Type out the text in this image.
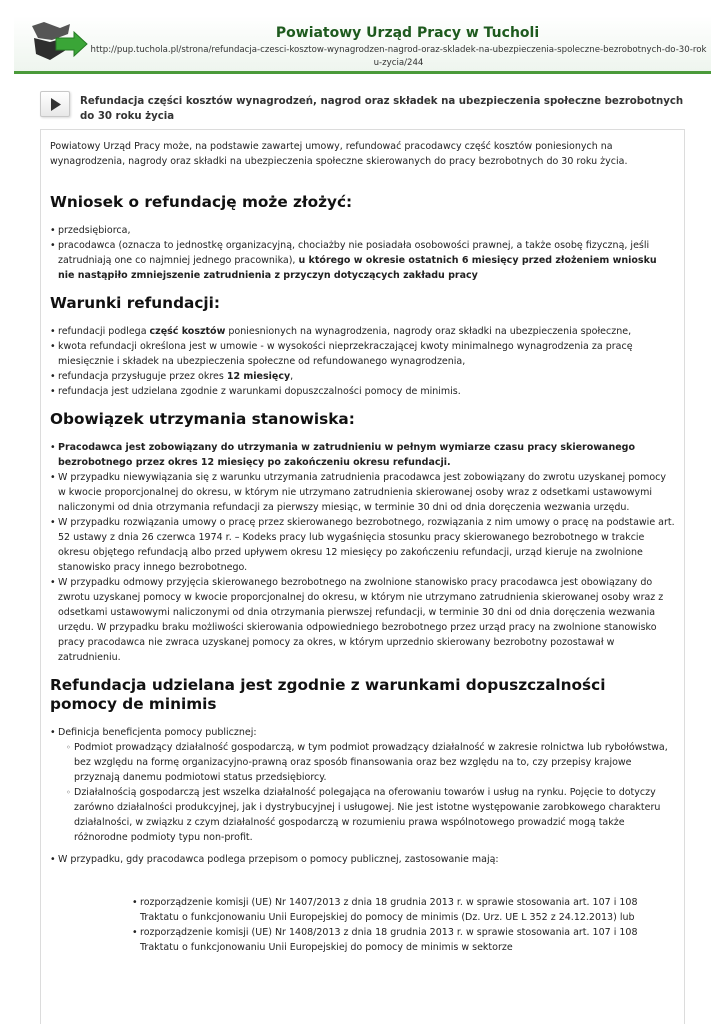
Powiatowy Urząd Pracy w Tucholi
http://pup.tuchola.pl/strona/refundacja-czesci-kosztow-wynagrodzen-nagrod-oraz-skladek-na-ubezpieczenia-spoleczne-bezrobotnych-do-30-roku-zycia/244
Refundacja części kosztów wynagrodzeń, nagrod oraz składek na ubezpieczenia społeczne bezrobotnych do 30 roku życia

Powiatowy Urząd Pracy może, na podstawie zawartej umowy, refundować pracodawcy część kosztów poniesionych na wynagrodzenia, nagrody oraz składki na ubezpieczenia społeczne skierowanych do pracy bezrobotnych do 30 roku życia.

Wniosek o refundację może złożyć:
• przedsiębiorca,
• pracodawca (oznacza to jednostkę organizacyjną, chociażby nie posiadała osobowości prawnej, a także osobę fizyczną, jeśli zatrudniają one co najmniej jednego pracownika), u którego w okresie ostatnich 6 miesięcy przed złożeniem wniosku nie nastąpiło zmniejszenie zatrudnienia z przyczyn dotyczących zakładu pracy
Warunki refundacji:
• refundacji podlega część kosztów poniesnionych na wynagrodzenia, nagrody oraz składki na ubezpieczenia społeczne,
• kwota refundacji określona jest w umowie - w wysokości nieprzekraczającej kwoty minimalnego wynagrodzenia za pracę miesięcznie i składek na ubezpieczenia społeczne od refundowanego wynagrodzenia,
• refundacja przysługuje przez okres 12 miesięcy,
• refundacja jest udzielana zgodnie z warunkami dopuszczalności pomocy de minimis.
Obowiązek utrzymania stanowiska:
• Pracodawca jest zobowiązany do utrzymania w zatrudnieniu w pełnym wymiarze czasu pracy skierowanego bezrobotnego przez okres 12 miesięcy po zakończeniu okresu refundacji.
• W przypadku niewywiązania się z warunku utrzymania zatrudnienia pracodawca jest zobowiązany do zwrotu uzyskanej pomocy w kwocie proporcjonalnej do okresu, w którym nie utrzymano zatrudnienia skierowanej osoby wraz z odsetkami ustawowymi naliczonymi od dnia otrzymania refundacji za pierwszy miesiąc, w terminie 30 dni od dnia doręczenia wezwania urzędu.
• W przypadku rozwiązania umowy o pracę przez skierowanego bezrobotnego, rozwiązania z nim umowy o pracę na podstawie art. 52 ustawy z dnia 26 czerwca 1974 r. – Kodeks pracy lub wygaśnięcia stosunku pracy skierowanego bezrobotnego w trakcie okresu objętego refundacją albo przed upływem okresu 12 miesięcy po zakończeniu refundacji, urząd kieruje na zwolnione stanowisko pracy innego bezrobotnego.
• W przypadku odmowy przyjęcia skierowanego bezrobotnego na zwolnione stanowisko pracy pracodawca jest obowiązany do zwrotu uzyskanej pomocy w kwocie proporcjonalnej do okresu, w którym nie utrzymano zatrudnienia skierowanej osoby wraz z odsetkami ustawowymi naliczonymi od dnia otrzymania pierwszej refundacji, w terminie 30 dni od dnia doręczenia wezwania urzędu. W przypadku braku możliwości skierowania odpowiedniego bezrobotnego przez urząd pracy na zwolnione stanowisko pracy pracodawca nie zwraca uzyskanej pomocy za okres, w którym uprzednio skierowany bezrobotny pozostawał w zatrudnieniu.
Refundacja udzielana jest zgodnie z warunkami dopuszczalności pomocy de minimis
• Definicja beneficjenta pomocy publicznej:
◦ Podmiot prowadzący działalność gospodarczą, w tym podmiot prowadzący działalność w zakresie rolnictwa lub rybołówstwa, bez względu na formę organizacyjno-prawną oraz sposób finansowania oraz bez względu na to, czy przepisy krajowe przyznają danemu podmiotowi status przedsiębiorcy.
◦ Działalnością gospodarczą jest wszelka działalność polegająca na oferowaniu towarów i usług na rynku. Pojęcie to dotyczy zarówno działalności produkcyjnej, jak i dystrybucyjnej i usługowej. Nie jest istotne występowanie zarobkowego charakteru działalności, w związku z czym działalność gospodarczą w rozumieniu prawa wspólnotowego prowadzić mogą także różnorodne podmioty typu non-profit.
• W przypadku, gdy pracodawca podlega przepisom o pomocy publicznej, zastosowanie mają:
• rozporządzenie komisji (UE) Nr 1407/2013 z dnia 18 grudnia 2013 r. w sprawie stosowania art. 107 i 108 Traktatu o funkcjonowaniu Unii Europejskiej do pomocy de minimis (Dz. Urz. UE L 352 z 24.12.2013) lub
• rozporządzenie komisji (UE) Nr 1408/2013 z dnia 18 grudnia 2013 r. w sprawie stosowania art. 107 i 108 Traktatu o funkcjonowaniu Unii Europejskiej do pomocy de minimis w sektorze
